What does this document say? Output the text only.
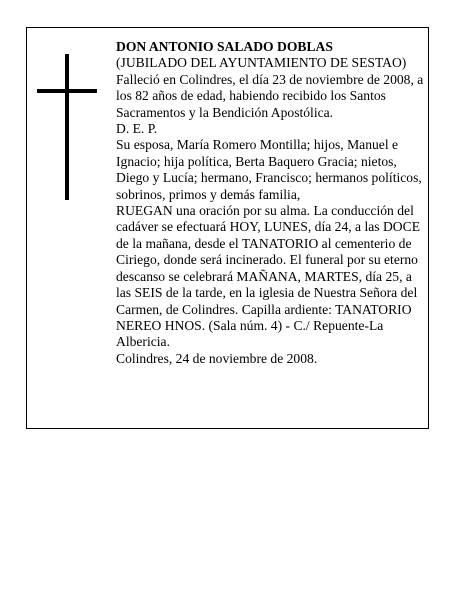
DON ANTONIO SALADO DOBLAS

(JUBILADO DEL AYUNTAMIENTO DE SESTAO)

Falleció en Colindres, el día 23 de noviembre de 2008, a los 82 años de edad, habiendo recibido los Santos Sacramentos y la Bendición Apostólica.

D. E. P.

Su esposa, María Romero Montilla; hijos, Manuel e Ignacio; hija política, Berta Baquero Gracia; nietos, Diego y Lucía; hermano, Francisco; hermanos políticos, sobrinos, primos y demás familia,

RUEGAN una oración por su alma. La conducción del cadáver se efectuará HOY, LUNES, día 24, a las DOCE de la mañana, desde el TANATORIO al cementerio de Ciriego, donde será incinerado. El funeral por su eterno descanso se celebrará MAÑANA, MARTES, día 25, a las SEIS de la tarde, en la iglesia de Nuestra Señora del Carmen, de Colindres. Capilla ardiente: TANATORIO NEREO HNOS. (Sala núm. 4) - C./ Repuente-La Albericia.

Colindres, 24 de noviembre de 2008.
